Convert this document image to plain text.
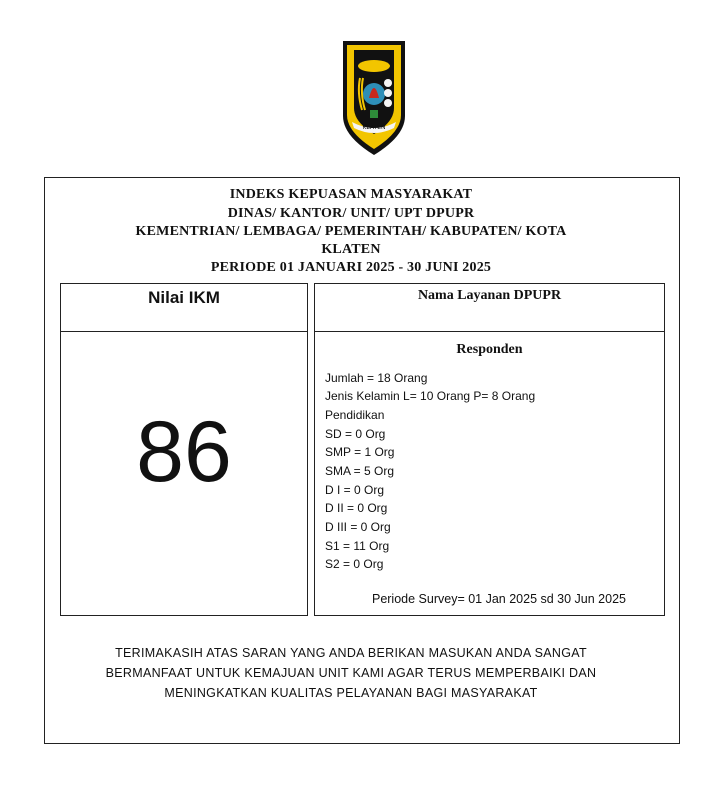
KLATEN
INDEKS KEPUASAN MASYARAKAT
DINAS/ KANTOR/ UNIT/ UPT DPUPR
KEMENTRIAN/ LEMBAGA/ PEMERINTAH/ KABUPATEN/ KOTA
KLATEN
PERIODE 01 JANUARI 2025 - 30 JUNI 2025
Nilai IKM
86
Nama Layanan DPUPR
Responden
Jumlah = 18 Orang
Jenis Kelamin L= 10 Orang P= 8 Orang
Pendidikan
SD = 0 Org
SMP = 1 Org
SMA = 5 Org
D I = 0 Org
D II = 0 Org
D III = 0 Org
S1 = 11 Org
S2 = 0 Org
Periode Survey= 01 Jan 2025 sd 30 Jun 2025
TERIMAKASIH ATAS SARAN YANG ANDA BERIKAN MASUKAN ANDA SANGAT
BERMANFAAT UNTUK KEMAJUAN UNIT KAMI AGAR TERUS MEMPERBAIKI DAN
MENINGKATKAN KUALITAS PELAYANAN BAGI MASYARAKAT
